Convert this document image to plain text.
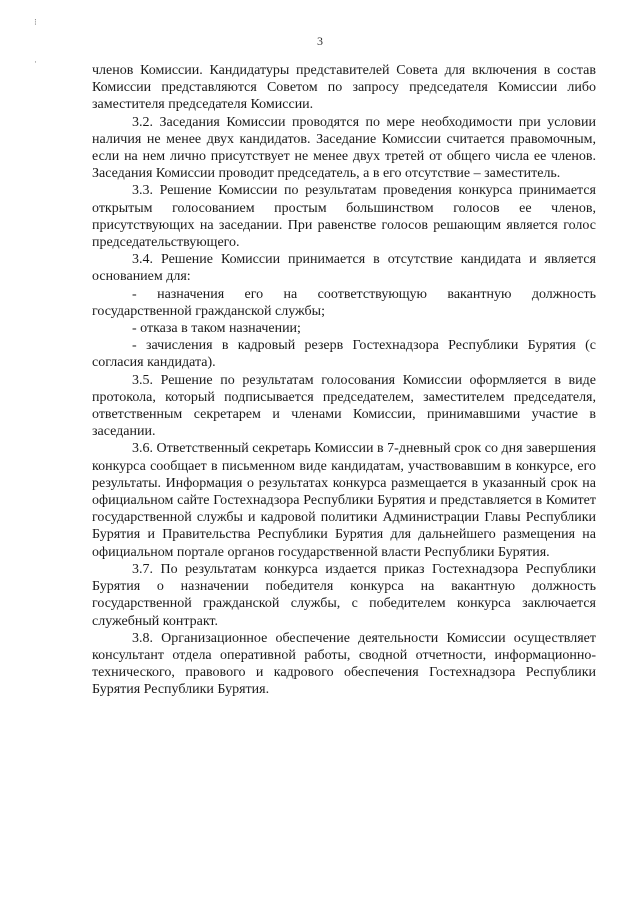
⁝
·
3

членов Комиссии. Кандидатуры представителей Совета для включения в состав Комиссии представляются Советом по запросу председателя Комиссии либо заместителя председателя Комиссии.

3.2. Заседания Комиссии проводятся по мере необходимости при условии наличия не менее двух кандидатов. Заседание Комиссии считается правомочным, если на нем лично присутствует не менее двух третей от общего числа ее членов. Заседания Комиссии проводит председатель, а в его отсутствие – заместитель.

3.3. Решение Комиссии по результатам проведения конкурса принимается открытым голосованием простым большинством голосов ее членов, присутствующих на заседании. При равенстве голосов решающим является голос председательствующего.

3.4. Решение Комиссии принимается в отсутствие кандидата и является основанием для:

- назначения его на соответствующую вакантную должность государственной гражданской службы;

- отказа в таком назначении;

- зачисления в кадровый резерв Гостехнадзора Республики Бурятия (с согласия кандидата).

3.5. Решение по результатам голосования Комиссии оформляется в виде протокола, который подписывается председателем, заместителем председателя, ответственным секретарем и членами Комиссии, принимавшими участие в заседании.

3.6. Ответственный секретарь Комиссии в 7-дневный срок со дня завершения конкурса сообщает в письменном виде кандидатам, участвовавшим в конкурсе, его результаты. Информация о результатах конкурса размещается в указанный срок на официальном сайте Гостехнадзора Республики Бурятия и представляется в Комитет государственной службы и кадровой политики Администрации Главы Республики Бурятия и Правительства Республики Бурятия для дальнейшего размещения на официальном портале органов государственной власти Республики Бурятия.

3.7. По результатам конкурса издается приказ Гостехнадзора Республики Бурятия о назначении победителя конкурса на вакантную должность государственной гражданской службы, с победителем конкурса заключается служебный контракт.

3.8. Организационное обеспечение деятельности Комиссии осуществляет консультант отдела оперативной работы, сводной отчетности, информационно-технического, правового и кадрового обеспечения Гостехнадзора Республики Бурятия Республики Бурятия.
